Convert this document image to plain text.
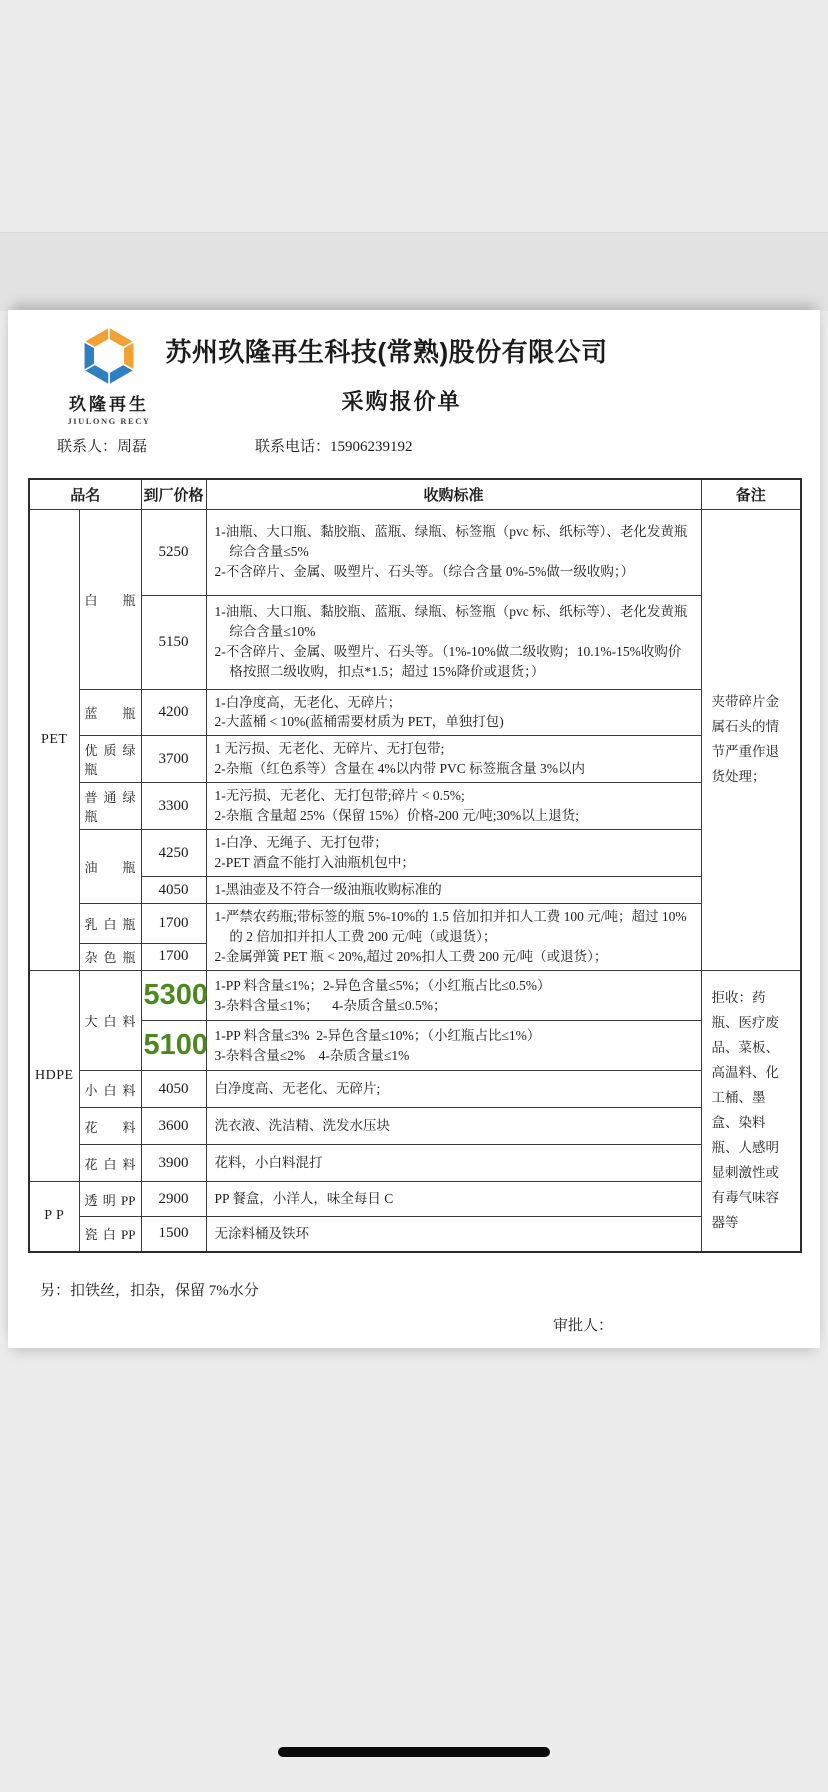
玖隆再生
JIULONG RECY
苏州玖隆再生科技(常熟)股份有限公司
采购报价单
联系人：周磊	联系电话：15906239192
品名		到厂价格	收购标准	备注
PET	白瓶	5250	1-油瓶、大口瓶、黏胶瓶、蓝瓶、绿瓶、标签瓶（pvc 标、纸标等）、老化发黄瓶综合含量≤5%
2-不含碎片、金属、吸塑片、石头等。（综合含量 0%-5%做一级收购；）	夹带碎片金属石头的情节严重作退货处理；
		5150	1-油瓶、大口瓶、黏胶瓶、蓝瓶、绿瓶、标签瓶（pvc 标、纸标等）、老化发黄瓶综合含量≤10%
2-不含碎片、金属、吸塑片、石头等。（1%-10%做二级收购；10.1%-15%收购价格按照二级收购，扣点*1.5；超过 15%降价或退货；）	

	蓝瓶	4200	1-白净度高，无老化、无碎片；
2-大蓝桶 < 10%(蓝桶需要材质为 PET，单独打包)	

	优质绿瓶	3700	1 无污损、无老化、无碎片、无打包带;
2-杂瓶（红色系等）含量在 4%以内带 PVC 标签瓶含量 3%以内	

	普通绿瓶	3300	1-无污损、无老化、无打包带;碎片 < 0.5%;
2-杂瓶 含量超 25%（保留 15%）价格-200 元/吨;30%以上退货;	

	油瓶	4250	1-白净、无绳子、无打包带；
2-PET 酒盒不能打入油瓶机包中；	

		4050	1-黑油壶及不符合一级油瓶收购标准的	

	乳白瓶	1700	1-严禁农药瓶;带标签的瓶 5%-10%的 1.5 倍加扣并扣人工费 100 元/吨；超过 10%的 2 倍加扣并扣人工费 200 元/吨（或退货）；
2-金属弹簧 PET 瓶 < 20%,超过 20%扣人工费 200 元/吨（或退货）；	

	杂色瓶	1700		
HDPE	大白料	5300	1-PP 料含量≤1%；2-异色含量≤5%；（小红瓶占比≤0.5%）
3-杂料含量≤1%；    4-杂质含量≤0.5%；	拒收：药瓶、医疗废品、菜板、高温料、化工桶、墨盒、染料瓶、人感明显刺激性或有毒气味容器等
		5100	1-PP 料含量≤3%  2-异色含量≤10%；（小红瓶占比≤1%）
3-杂料含量≤2%    4-杂质含量≤1%	

	小白料	4050	白净度高、无老化、无碎片;	

	花料	3600	洗衣液、洗洁精、洗发水压块	

	花白料	3900	花料，小白料混打	

P P	透明PP	2900	PP 餐盒，小洋人，味全每日 C	

	瓷白PP	1500	无涂料桶及铁环	
另：扣铁丝，扣杂，保留 7%水分
审批人：
